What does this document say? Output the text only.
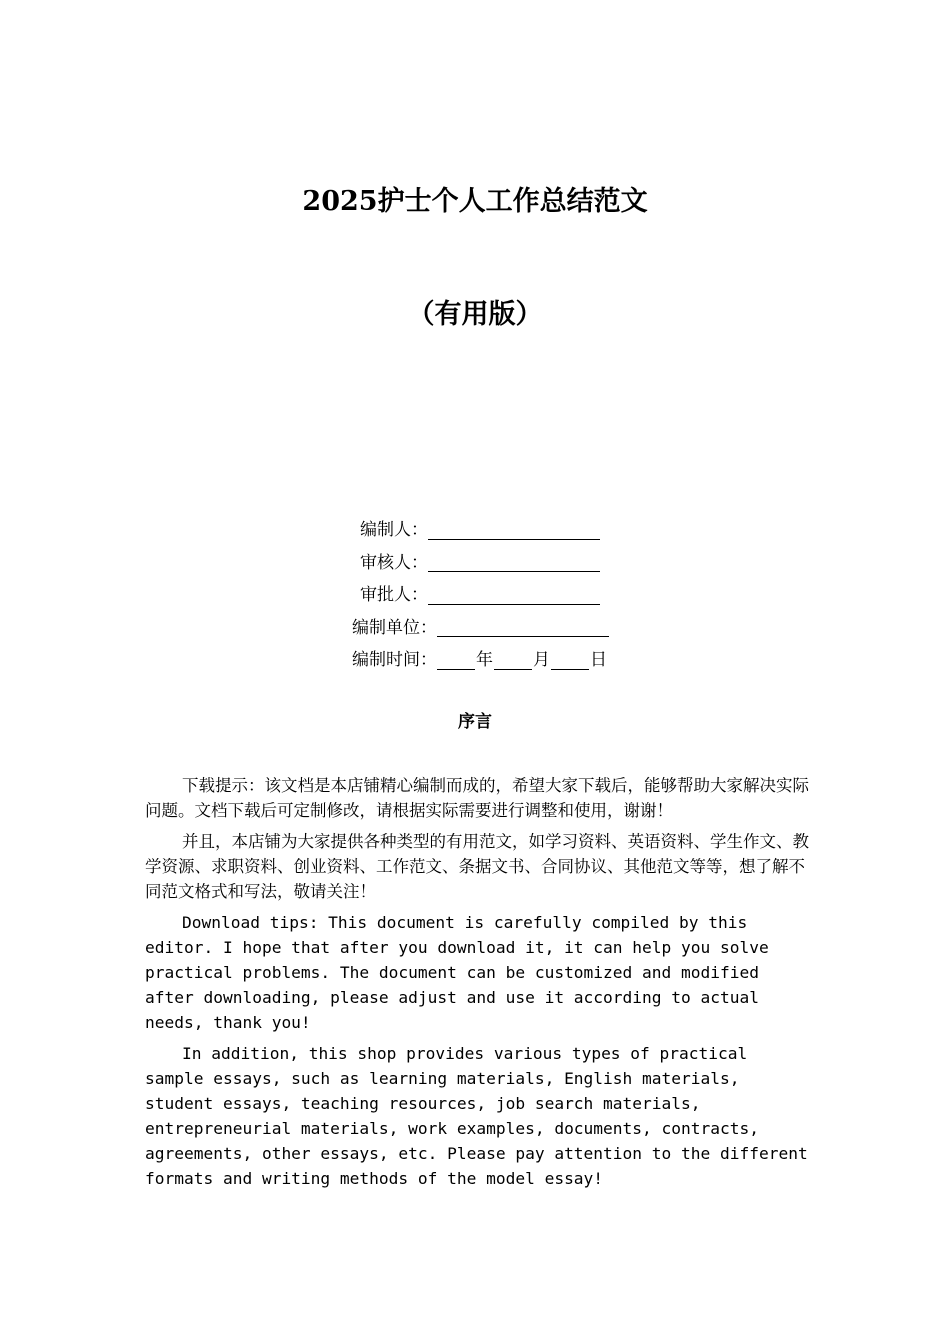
2025护士个人工作总结范文
（有用版）
编制人：
审核人：
审批人：
编制单位：
编制时间： 年 月 日
序言

下载提示：该文档是本店铺精心编制而成的，希望大家下载后，能够帮助大家解决实际问题。文档下载后可定制修改，请根据实际需要进行调整和使用，谢谢！

并且，本店铺为大家提供各种类型的有用范文，如学习资料、英语资料、学生作文、教学资源、求职资料、创业资料、工作范文、条据文书、合同协议、其他范文等等，想了解不同范文格式和写法，敬请关注！

Download tips: This document is carefully compiled by this editor. I hope that after you download it, it can help you solve practical problems. The document can be customized and modified after downloading, please adjust and use it according to actual needs, thank you!

In addition, this shop provides various types of practical sample essays, such as learning materials, English materials, student essays, teaching resources, job search materials, entrepreneurial materials, work examples, documents, contracts, agreements, other essays, etc. Please pay attention to the different formats and writing methods of the model essay!
